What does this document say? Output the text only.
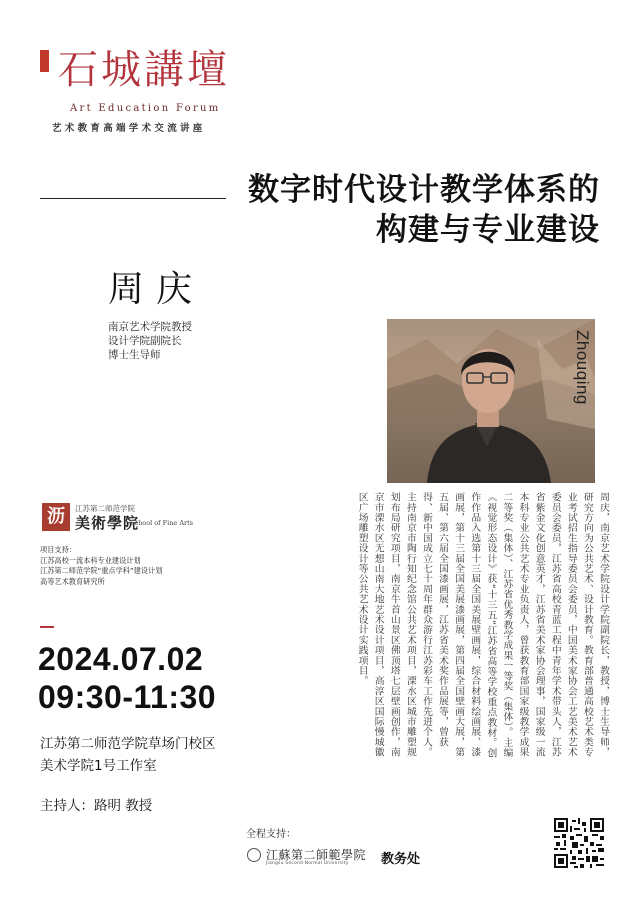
石城講壇
Art Education Forum
艺术教育高端学术交流讲座
数字时代设计教学体系的
构建与专业建设
周庆
南京艺术学院教授
设计学院副院长
博士生导师	Zhouqing
周庆，南京艺术学院设计学院副院长，教授，博士生导师，研究方向为公共艺术、设计教育。教育部普通高校艺术类专业考试招生指导委员会委员，中国美术家协会工艺美术艺术委员会委员，江苏省高校青蓝工程中青年学术带头人，江苏省紫金文化创意英才，江苏省美术家协会理事，国家级一流本科专业公共艺术专业负责人，曾获教育部国家级教学成果二等奖（集体）、江苏省优秀教学成果一等奖（集体）。主编《视觉形态设计》获“十三五”江苏省高等学校重点教材。创作作品入选第十三届全国美展壁画展，综合材料绘画展、漆画展，第十三届全国美展漆画展，第四届全国壁画大展，第五届、第六届全国漆画展，江苏省美术奖作品展等，曾获得、新中国成立七十周年群众游行江苏彩车工作先进个人。主持南京市陶行知纪念馆公共艺术项目，溧水区城市雕塑规划布局研究项目，南京牛首山景区佛顶塔七层壁画创作，南京市溧水区无想山南大地艺术设计项目，高淳区国际慢城徽区广场雕塑设计等公共艺术设计实践项目。
沥	江苏第二师范学院
美術學院
School of Fine Arts
项目支持：
江苏高校一流本科专业建设计划
江苏第二师范学院“重点学科”建设计划
高等艺术教育研究所
2024.07.02
09:30-11:30
江苏第二师范学院草场门校区
美术学院1号工作室
主持人：路明 教授
全程支持：
江蘇第二師範學院
Jiangsu Second Normal University	教务处
